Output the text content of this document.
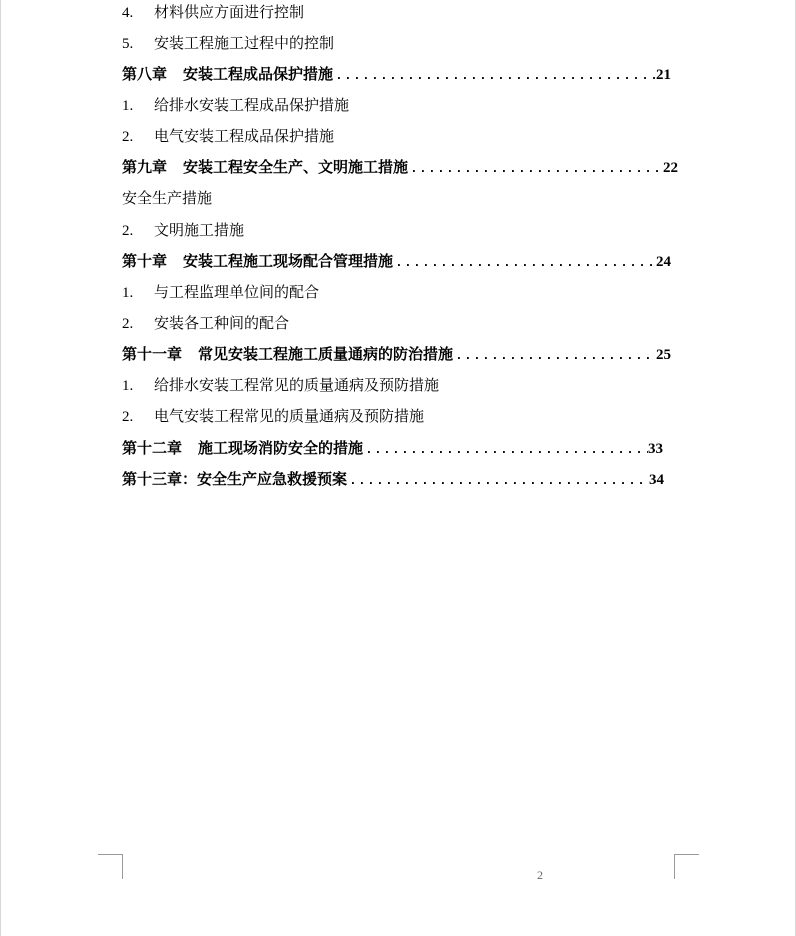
4. 材料供应方面进行控制
5. 安装工程施工过程中的控制
第八章 安装工程成品保护措施 .....	21
1. 给排水安装工程成品保护措施
2. 电气安装工程成品保护措施
第九章 安装工程安全生产、文明施工措施 .....	22
安全生产措施
2. 文明施工措施
第十章 安装工程施工现场配合管理措施 .....	24
1. 与工程监理单位间的配合
2. 安装各工种间的配合
第十一章 常见安装工程施工质量通病的防治措施 .....	25
1. 给排水安装工程常见的质量通病及预防措施
2. 电气安装工程常见的质量通病及预防措施
第十二章 施工现场消防安全的措施 .....	33
第十三章： 安全生产应急救援预案 .....	34
2
